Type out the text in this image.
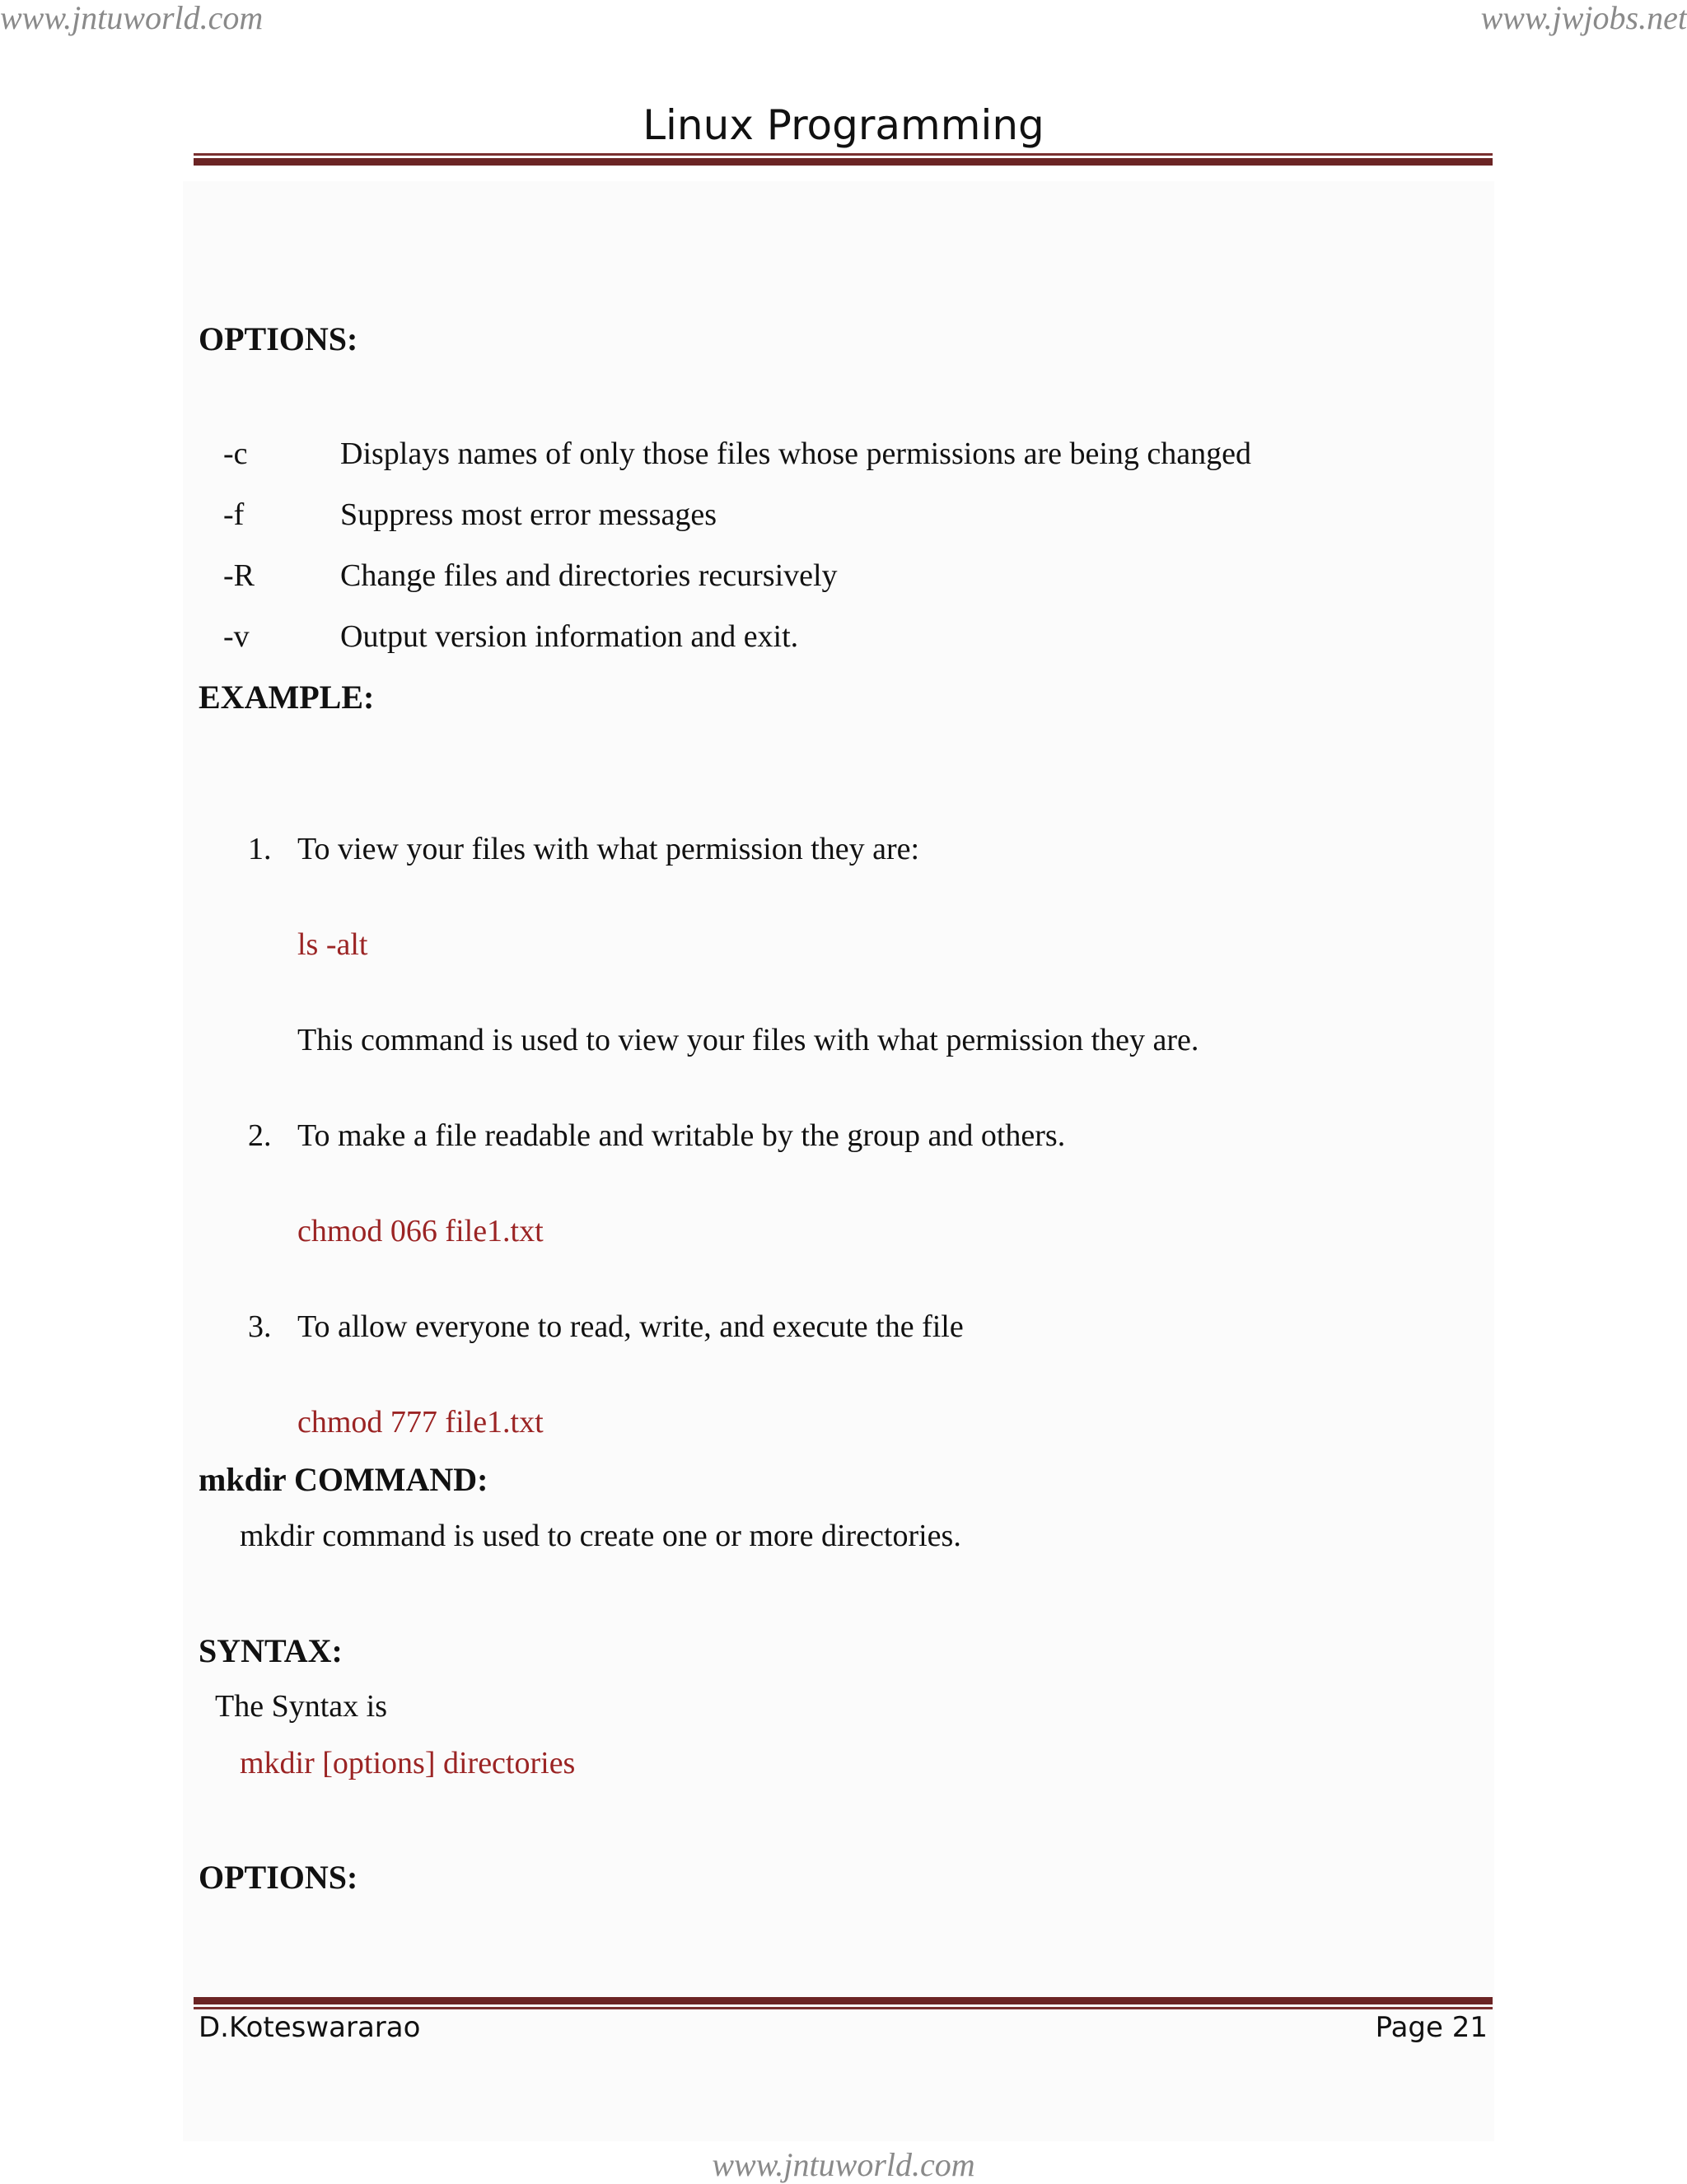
www.jntuworld.com	www.jwjobs.net
www.jntuworld.com
Linux Programming
OPTIONS:
-c	Displays names of only those files whose permissions are being changed
-f	Suppress most error messages
-R	Change files and directories recursively
-v	Output version information and exit.
EXAMPLE:
1. To view your files with what permission they are:
ls -alt
This command is used to view your files with what permission they are.
2. To make a file readable and writable by the group and others.
chmod 066 file1.txt
3. To allow everyone to read, write, and execute the file
chmod 777 file1.txt
mkdir COMMAND:
mkdir command is used to create one or more directories.
SYNTAX:
The Syntax is
mkdir [options] directories
OPTIONS:
D.Koteswararao	Page 21
